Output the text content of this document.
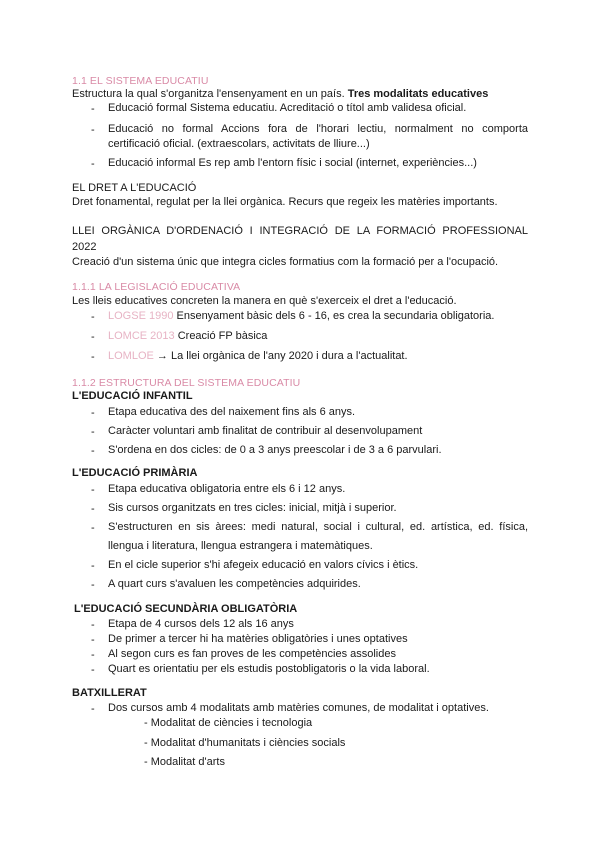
1.1 EL SISTEMA EDUCATIU
Estructura la qual s'organitza l'ensenyament en un país. Tres modalitats educatives
- Educació formal Sistema educatiu. Acreditació o títol amb validesa oficial.
- Educació no formal Accions fora de l'horari lectiu, normalment no comporta
certificació oficial. (extraescolars, activitats de lliure...)
- Educació informal Es rep amb l'entorn físic i social (internet, experiències...)
EL DRET A L'EDUCACIÓ
Dret fonamental, regulat per la llei orgànica. Recurs que regeix les matèries importants.
LLEI ORGÀNICA D'ORDENACIÓ I INTEGRACIÓ DE LA FORMACIÓ PROFESSIONAL
2022
Creació d'un sistema únic que integra cicles formatius com la formació per a l'ocupació.
1.1.1 LA LEGISLACIÓ EDUCATIVA
Les lleis educatives concreten la manera en què s'exerceix el dret a l'educació.
- LOGSE 1990 Ensenyament bàsic dels 6 - 16, es crea la secundaria obligatoria.
- LOMCE 2013 Creació FP bàsica
- LOMLOE → La llei orgànica de l'any 2020 i dura a l'actualitat.
1.1.2 ESTRUCTURA DEL SISTEMA EDUCATIU
L'EDUCACIÓ INFANTIL
- Etapa educativa des del naixement fins als 6 anys.
- Caràcter voluntari amb finalitat de contribuir al desenvolupament
- S'ordena en dos cicles: de 0 a 3 anys preescolar i de 3 a 6 parvulari.
L'EDUCACIÓ PRIMÀRIA
- Etapa educativa obligatoria entre els 6 i 12 anys.
- Sis cursos organitzats en tres cicles: inicial, mitjà i superior.
- S'estructuren en sis àrees: medi natural, social i cultural, ed. artística, ed. física,
llengua i literatura, llengua estrangera i matemàtiques.
- En el cicle superior s'hi afegeix educació en valors cívics i ètics.
- A quart curs s'avaluen les competències adquirides.
L'EDUCACIÓ SECUNDÀRIA OBLIGATÒRIA
- Etapa de 4 cursos dels 12 als 16 anys
- De primer a tercer hi ha matèries obligatòries i unes optatives
- Al segon curs es fan proves de les competències assolides
- Quart es orientatiu per els estudis postobligatoris o la vida laboral.
BATXILLERAT
- Dos cursos amb 4 modalitats amb matèries comunes, de modalitat i optatives.
- Modalitat de ciències i tecnologia
- Modalitat d'humanitats i ciències socials
- Modalitat d'arts
